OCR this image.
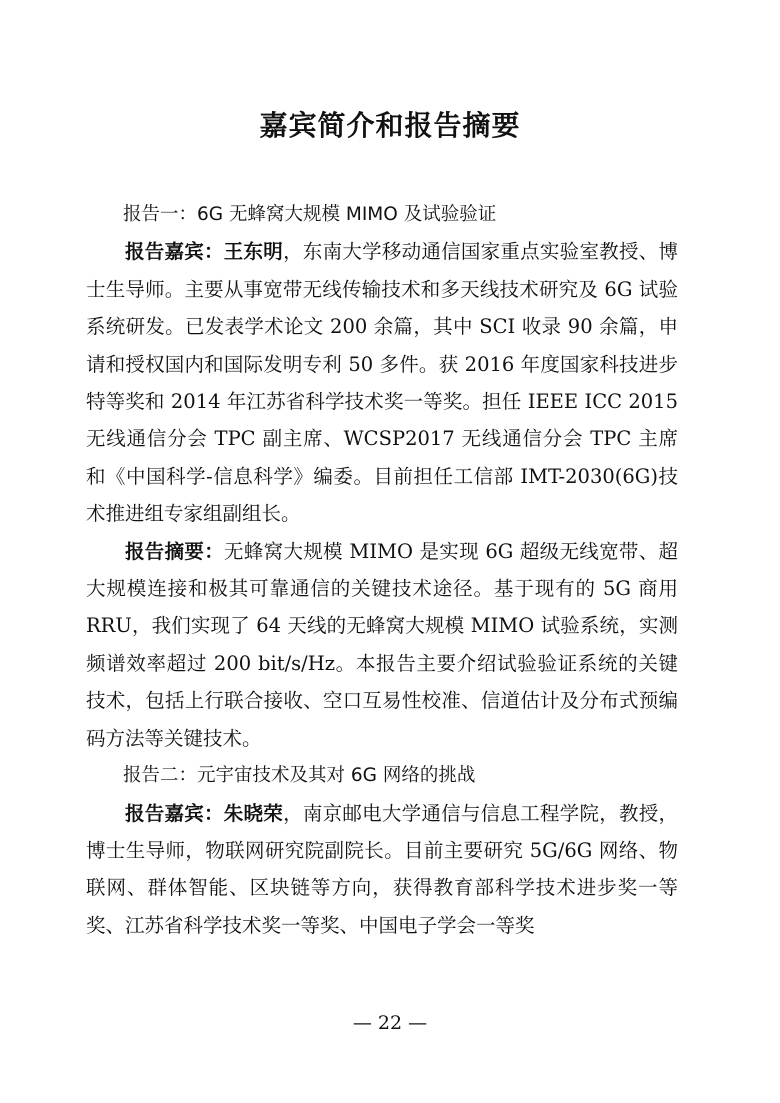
嘉宾简介和报告摘要

报告一：6G 无蜂窝大规模 MIMO 及试验验证

报告嘉宾：王东明，东南大学移动通信国家重点实验室教授、博士生导师。主要从事宽带无线传输技术和多天线技术研究及 6G 试验系统研发。已发表学术论文 200 余篇，其中 SCI 收录 90 余篇，申请和授权国内和国际发明专利 50 多件。获 2016 年度国家科技进步特等奖和 2014 年江苏省科学技术奖一等奖。担任 IEEE ICC 2015 无线通信分会 TPC 副主席、WCSP2017 无线通信分会 TPC 主席和《中国科学-信息科学》编委。目前担任工信部 IMT-2030(6G)技术推进组专家组副组长。

报告摘要：无蜂窝大规模 MIMO 是实现 6G 超级无线宽带、超大规模连接和极其可靠通信的关键技术途径。基于现有的 5G 商用 RRU，我们实现了 64 天线的无蜂窝大规模 MIMO 试验系统，实测频谱效率超过 200 bit/s/Hz。本报告主要介绍试验验证系统的关键技术，包括上行联合接收、空口互易性校准、信道估计及分布式预编码方法等关键技术。

报告二：元宇宙技术及其对 6G 网络的挑战

报告嘉宾：朱晓荣，南京邮电大学通信与信息工程学院，教授，博士生导师，物联网研究院副院长。目前主要研究 5G/6G 网络、物联网、群体智能、区块链等方向，获得教育部科学技术进步奖一等奖、江苏省科学技术奖一等奖、中国电子学会一等奖

— 22 —
